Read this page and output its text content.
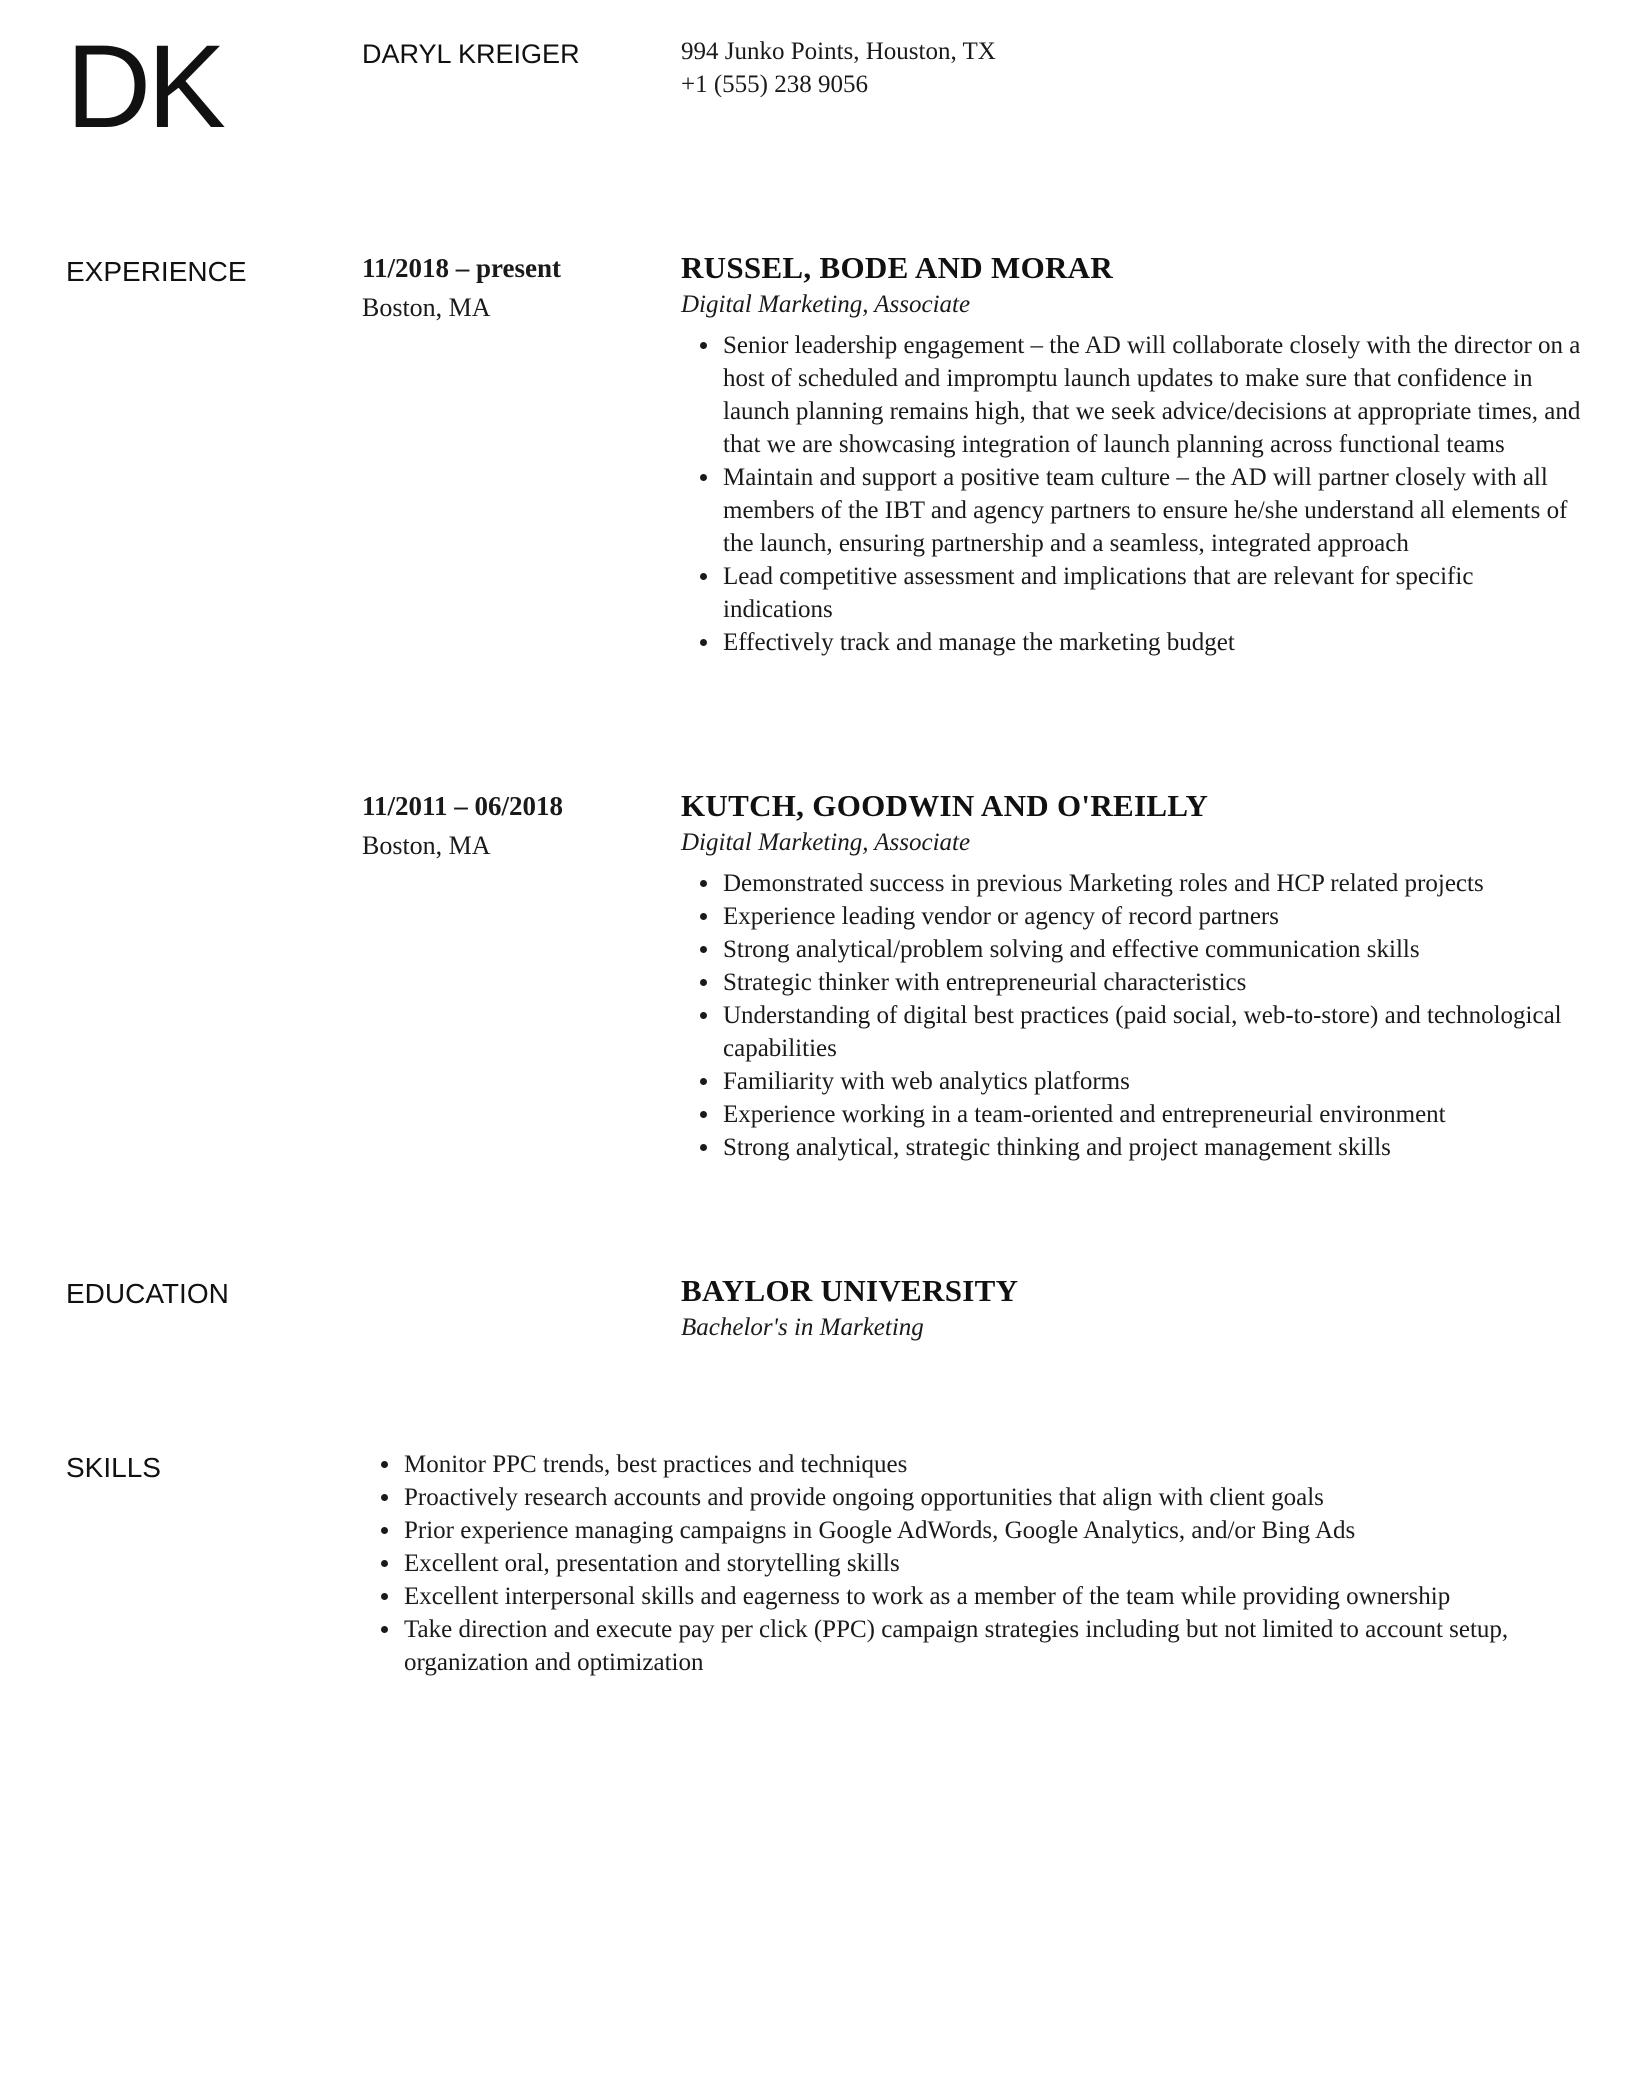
DK	DARYL KREIGER	994 Junko Points, Houston, TX
+1 (555) 238 9056
EXPERIENCE	11/2018 – present
Boston, MA
RUSSEL, BODE AND MORAR
Digital Marketing, Associate
• Senior leadership engagement – the AD will collaborate closely with the director on a host of scheduled and impromptu launch updates to make sure that confidence in launch planning remains high, that we seek advice/decisions at appropriate times, and that we are showcasing integration of launch planning across functional teams
• Maintain and support a positive team culture – the AD will partner closely with all members of the IBT and agency partners to ensure he/she understand all elements of the launch, ensuring partnership and a seamless, integrated approach
• Lead competitive assessment and implications that are relevant for specific indications
• Effectively track and manage the marketing budget
11/2011 – 06/2018
Boston, MA
KUTCH, GOODWIN AND O'REILLY
Digital Marketing, Associate
• Demonstrated success in previous Marketing roles and HCP related projects
• Experience leading vendor or agency of record partners
• Strong analytical/problem solving and effective communication skills
• Strategic thinker with entrepreneurial characteristics
• Understanding of digital best practices (paid social, web-to-store) and technological capabilities
• Familiarity with web analytics platforms
• Experience working in a team-oriented and entrepreneurial environment
• Strong analytical, strategic thinking and project management skills
EDUCATION	BAYLOR UNIVERSITY
Bachelor's in Marketing
SKILLS
•	Monitor PPC trends, best practices and techniques
• Proactively research accounts and provide ongoing opportunities that align with client goals
• Prior experience managing campaigns in Google AdWords, Google Analytics, and/or Bing Ads
• Excellent oral, presentation and storytelling skills
• Excellent interpersonal skills and eagerness to work as a member of the team while providing ownership
• Take direction and execute pay per click (PPC) campaign strategies including but not limited to account setup, organization and optimization
